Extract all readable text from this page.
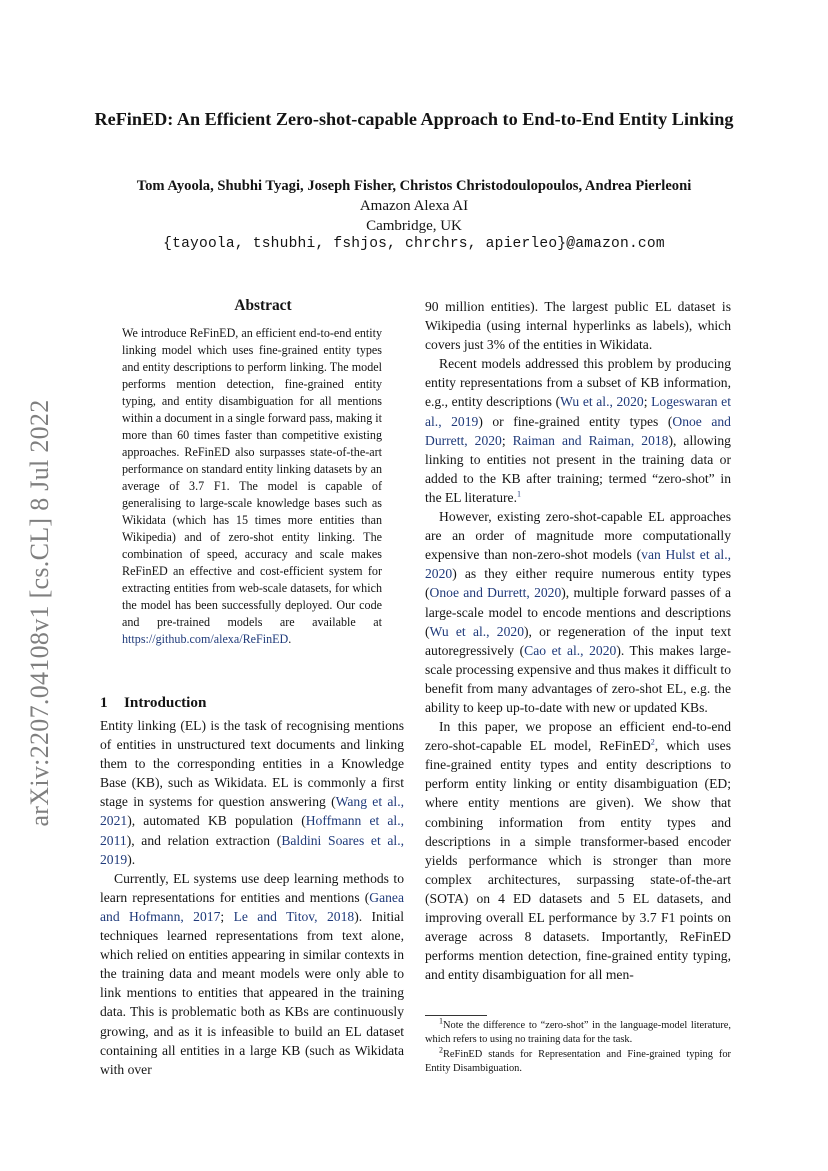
ReFinED: An Efficient Zero-shot-capable Approach to End-to-End Entity Linking
Tom Ayoola, Shubhi Tyagi, Joseph Fisher, Christos Christodoulopoulos, Andrea Pierleoni
Amazon Alexa AI
Cambridge, UK
{tayoola, tshubhi, fshjos, chrchrs, apierleo}@amazon.com
arXiv:2207.04108v1 [cs.CL] 8 Jul 2022
Abstract
We introduce ReFinED, an efficient end-to-end entity linking model which uses fine-grained entity types and entity descriptions to perform linking. The model performs mention detection, fine-grained entity typing, and entity disambiguation for all mentions within a document in a single forward pass, making it more than 60 times faster than competitive existing approaches. ReFinED also surpasses state-of-the-art performance on standard entity linking datasets by an average of 3.7 F1. The model is capable of generalising to large-scale knowledge bases such as Wikidata (which has 15 times more entities than Wikipedia) and of zero-shot entity linking. The combination of speed, accuracy and scale makes ReFinED an effective and cost-efficient system for extracting entities from web-scale datasets, for which the model has been successfully deployed. Our code and pre-trained models are available at https://github.com/alexa/ReFinED.
1 Introduction

Entity linking (EL) is the task of recognising mentions of entities in unstructured text documents and linking them to the corresponding entities in a Knowledge Base (KB), such as Wikidata. EL is commonly a first stage in systems for question answering (Wang et al., 2021), automated KB population (Hoffmann et al., 2011), and relation extraction (Baldini Soares et al., 2019).

Currently, EL systems use deep learning methods to learn representations for entities and mentions (Ganea and Hofmann, 2017; Le and Titov, 2018). Initial techniques learned representations from text alone, which relied on entities appearing in similar contexts in the training data and meant models were only able to link mentions to entities that appeared in the training data. This is problematic both as KBs are continuously growing, and as it is infeasible to build an EL dataset containing all entities in a large KB (such as Wikidata with over

90 million entities). The largest public EL dataset is Wikipedia (using internal hyperlinks as labels), which covers just 3% of the entities in Wikidata.

Recent models addressed this problem by producing entity representations from a subset of KB information, e.g., entity descriptions (Wu et al., 2020; Logeswaran et al., 2019) or fine-grained entity types (Onoe and Durrett, 2020; Raiman and Raiman, 2018), allowing linking to entities not present in the training data or added to the KB after training; termed “zero-shot” in the EL literature.$^1$

However, existing zero-shot-capable EL approaches are an order of magnitude more computationally expensive than non-zero-shot models (van Hulst et al., 2020) as they either require numerous entity types (Onoe and Durrett, 2020), multiple forward passes of a large-scale model to encode mentions and descriptions (Wu et al., 2020), or regeneration of the input text autoregressively (Cao et al., 2020). This makes large-scale processing expensive and thus makes it difficult to benefit from many advantages of zero-shot EL, e.g. the ability to keep up-to-date with new or updated KBs.

In this paper, we propose an efficient end-to-end zero-shot-capable EL model, ReFinED$^2$, which uses fine-grained entity types and entity descriptions to perform entity linking or entity disambiguation (ED; where entity mentions are given). We show that combining information from entity types and descriptions in a simple transformer-based encoder yields performance which is stronger than more complex architectures, surpassing state-of-the-art (SOTA) on 4 ED datasets and 5 EL datasets, and improving overall EL performance by 3.7 F1 points on average across 8 datasets. Importantly, ReFinED performs mention detection, fine-grained entity typing, and entity disambiguation for all men-

$^1$Note the difference to “zero-shot” in the language-model literature, which refers to using no training data for the task.
$^2$ReFinED stands for Representation and Fine-grained typing for Entity Disambiguation.
